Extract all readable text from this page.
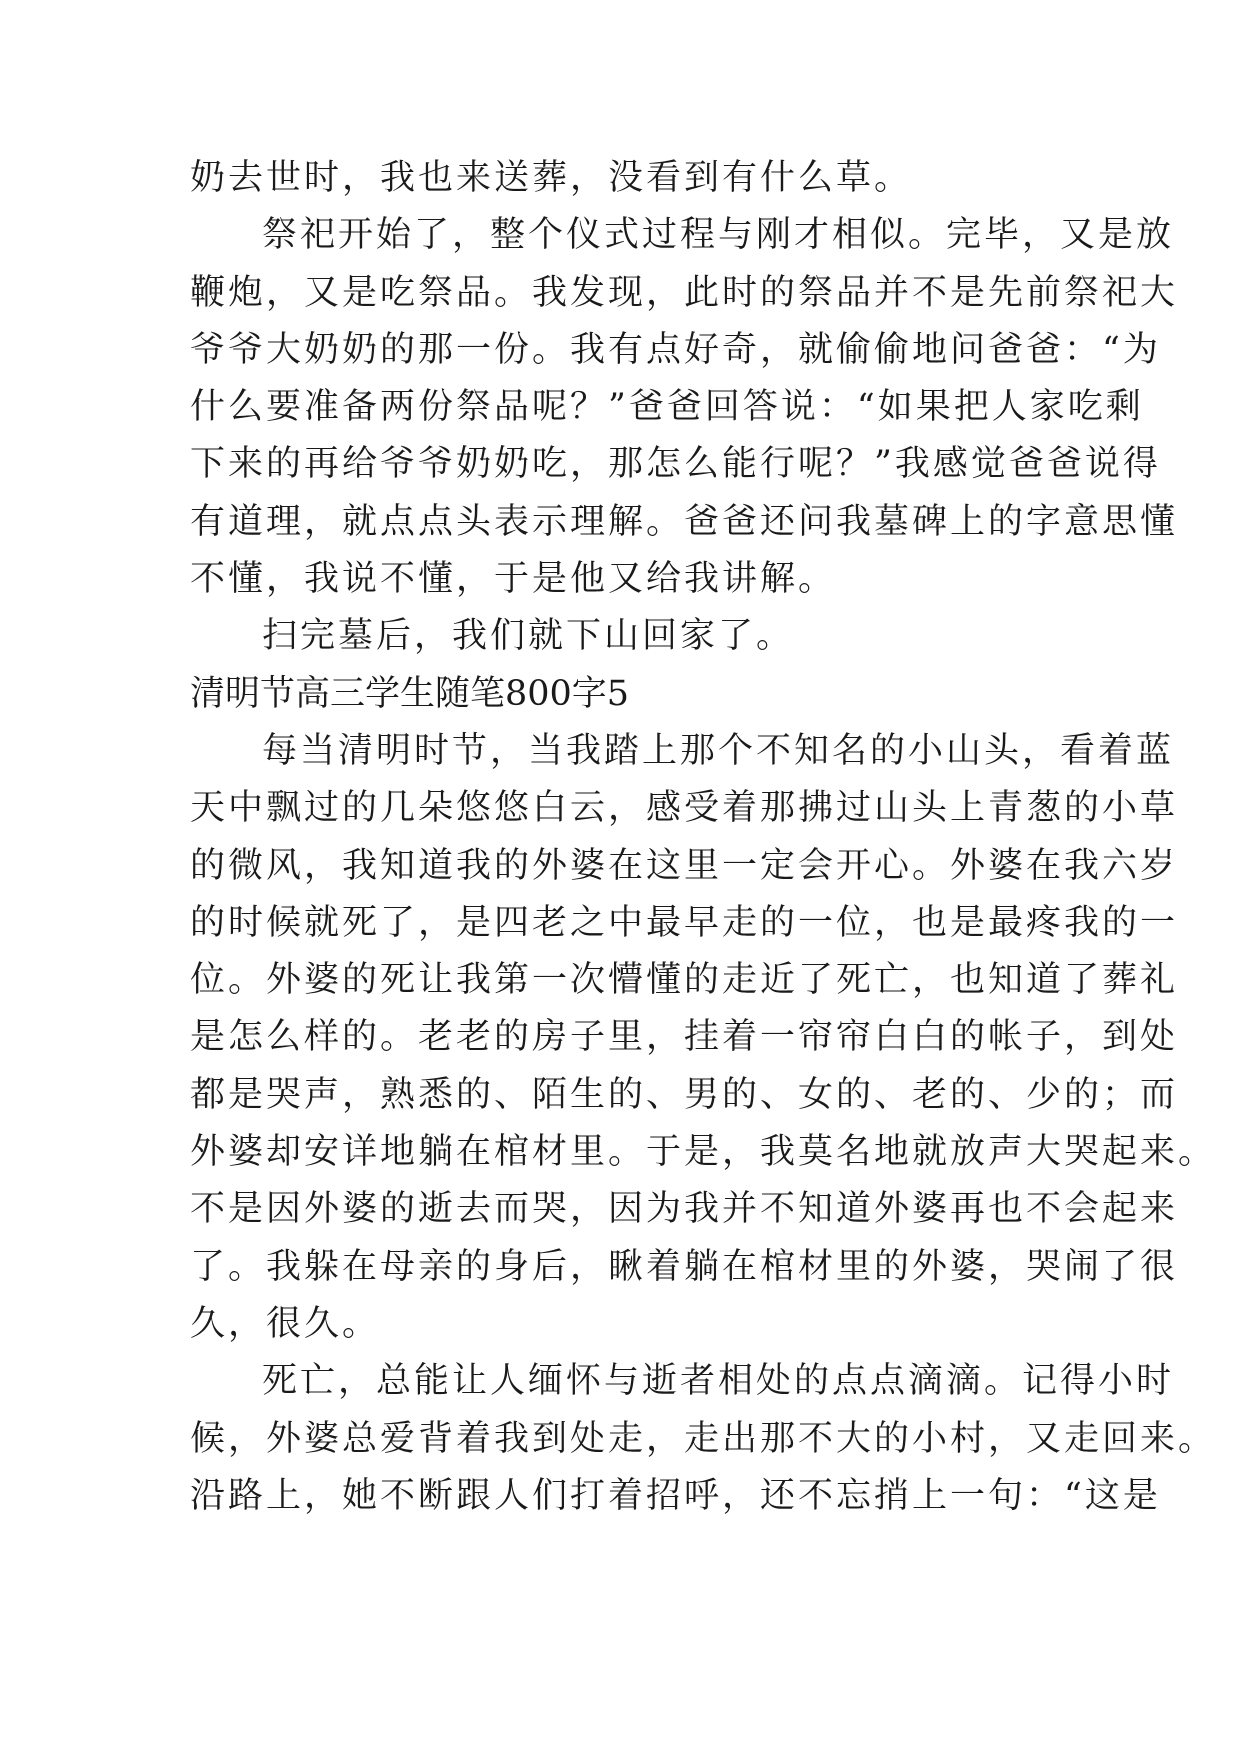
奶去世时，我也来送葬，没看到有什么草。
祭祀开始了，整个仪式过程与刚才相似。完毕，又是放
鞭炮，又是吃祭品。我发现，此时的祭品并不是先前祭祀大
爷爷大奶奶的那一份。我有点好奇，就偷偷地问爸爸：“为
什么要准备两份祭品呢？”爸爸回答说：“如果把人家吃剩
下来的再给爷爷奶奶吃，那怎么能行呢？”我感觉爸爸说得
有道理，就点点头表示理解。爸爸还问我墓碑上的字意思懂
不懂，我说不懂，于是他又给我讲解。
扫完墓后，我们就下山回家了。
清明节高三学生随笔800字5
每当清明时节，当我踏上那个不知名的小山头，看着蓝
天中飘过的几朵悠悠白云，感受着那拂过山头上青葱的小草
的微风，我知道我的外婆在这里一定会开心。外婆在我六岁
的时候就死了，是四老之中最早走的一位，也是最疼我的一
位。外婆的死让我第一次懵懂的走近了死亡，也知道了葬礼
是怎么样的。老老的房子里，挂着一帘帘白白的帐子，到处
都是哭声，熟悉的、陌生的、男的、女的、老的、少的；而
外婆却安详地躺在棺材里。于是，我莫名地就放声大哭起来。
不是因外婆的逝去而哭，因为我并不知道外婆再也不会起来
了。我躲在母亲的身后，瞅着躺在棺材里的外婆，哭闹了很
久，很久。
死亡，总能让人缅怀与逝者相处的点点滴滴。记得小时
候，外婆总爱背着我到处走，走出那不大的小村，又走回来。
沿路上，她不断跟人们打着招呼，还不忘捎上一句：“这是
